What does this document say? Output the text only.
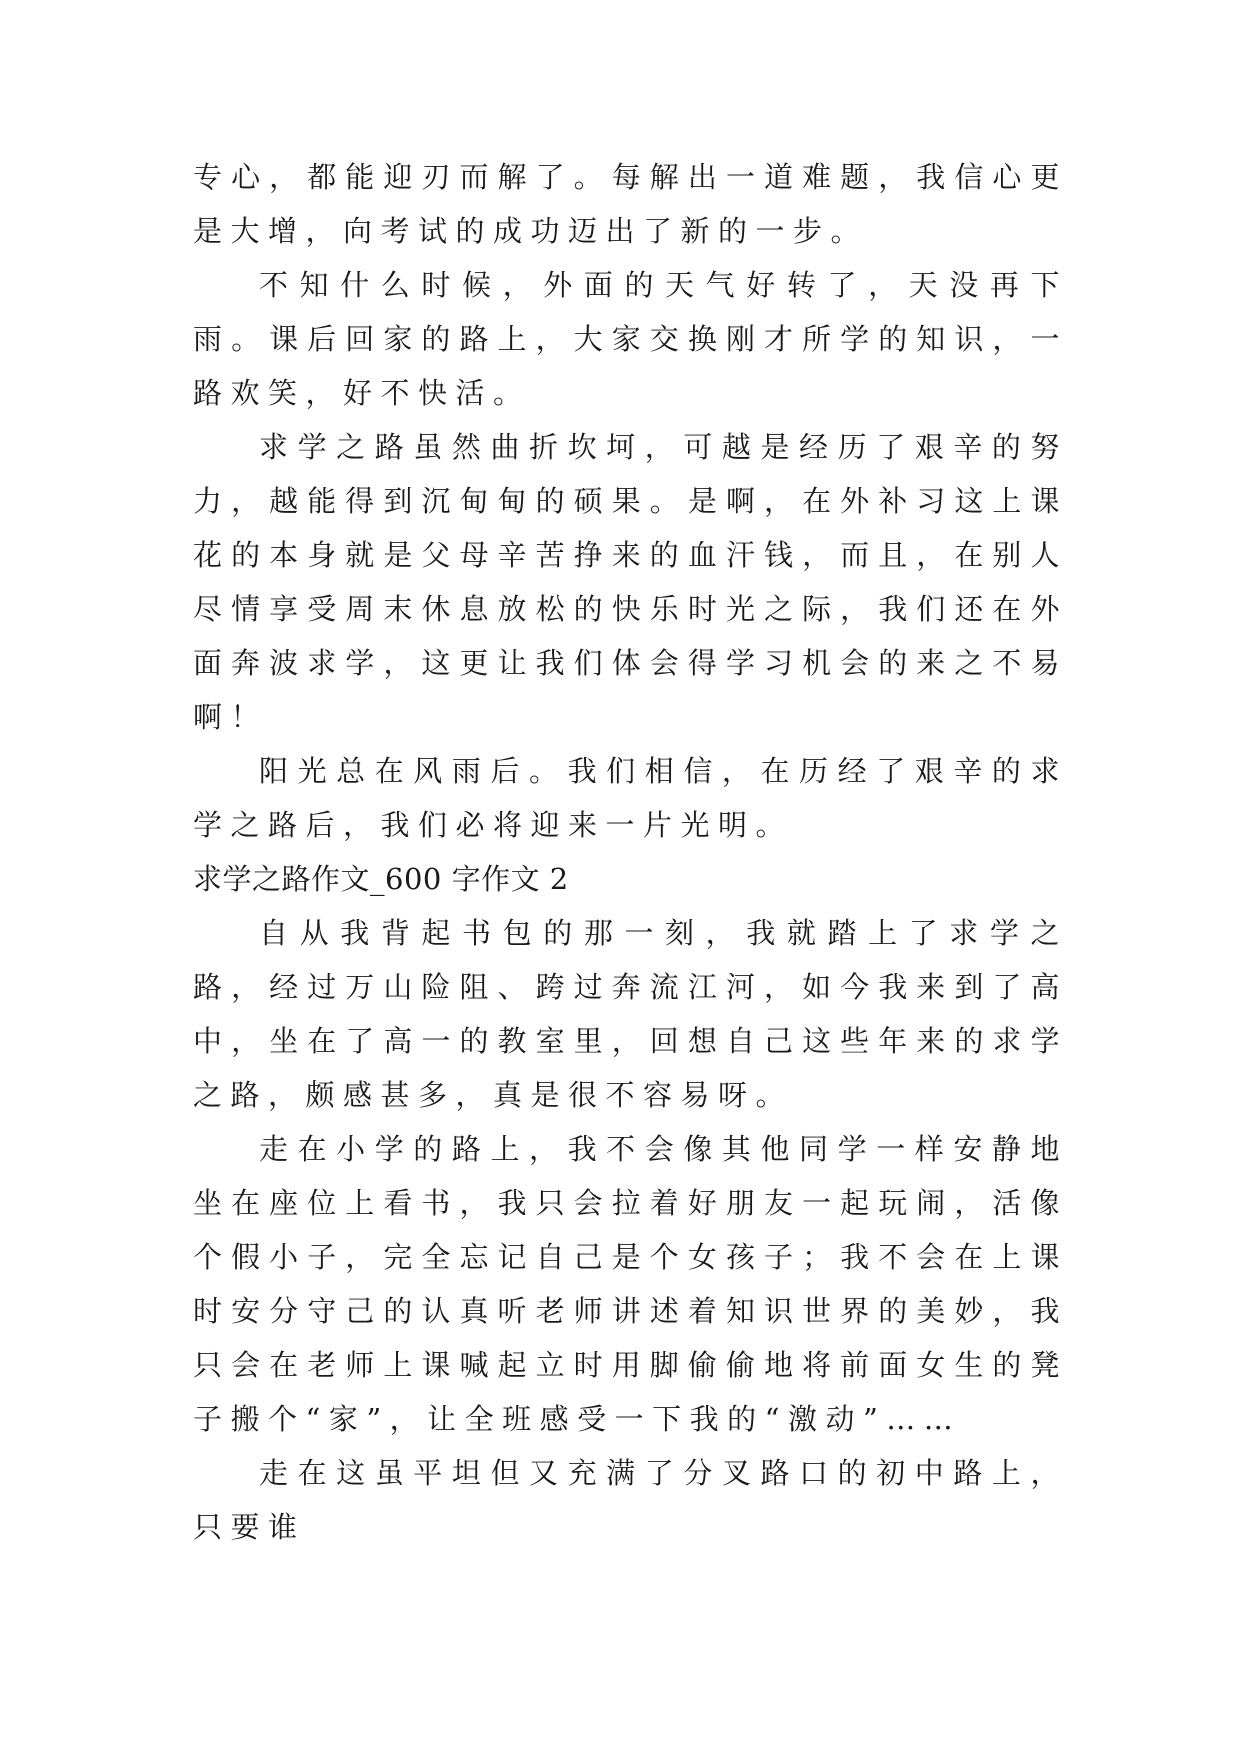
专心，都能迎刃而解了。每解出一道难题，我信心更是大增，向考试的成功迈出了新的一步。

不知什么时候，外面的天气好转了，天没再下雨。课后回家的路上，大家交换刚才所学的知识，一路欢笑，好不快活。

求学之路虽然曲折坎坷，可越是经历了艰辛的努力，越能得到沉甸甸的硕果。是啊，在外补习这上课花的本身就是父母辛苦挣来的血汗钱，而且，在别人尽情享受周末休息放松的快乐时光之际，我们还在外面奔波求学，这更让我们体会得学习机会的来之不易啊！

阳光总在风雨后。我们相信，在历经了艰辛的求学之路后，我们必将迎来一片光明。

求学之路作文_600 字作文 2

自从我背起书包的那一刻，我就踏上了求学之路，经过万山险阻、跨过奔流江河，如今我来到了高中，坐在了高一的教室里，回想自己这些年来的求学之路，颇感甚多，真是很不容易呀。

走在小学的路上，我不会像其他同学一样安静地坐在座位上看书，我只会拉着好朋友一起玩闹，活像个假小子，完全忘记自己是个女孩子；我不会在上课时安分守己的认真听老师讲述着知识世界的美妙，我只会在老师上课喊起立时用脚偷偷地将前面女生的凳子搬个“家”，让全班感受一下我的“激动”……

走在这虽平坦但又充满了分叉路口的初中路上，只要谁
